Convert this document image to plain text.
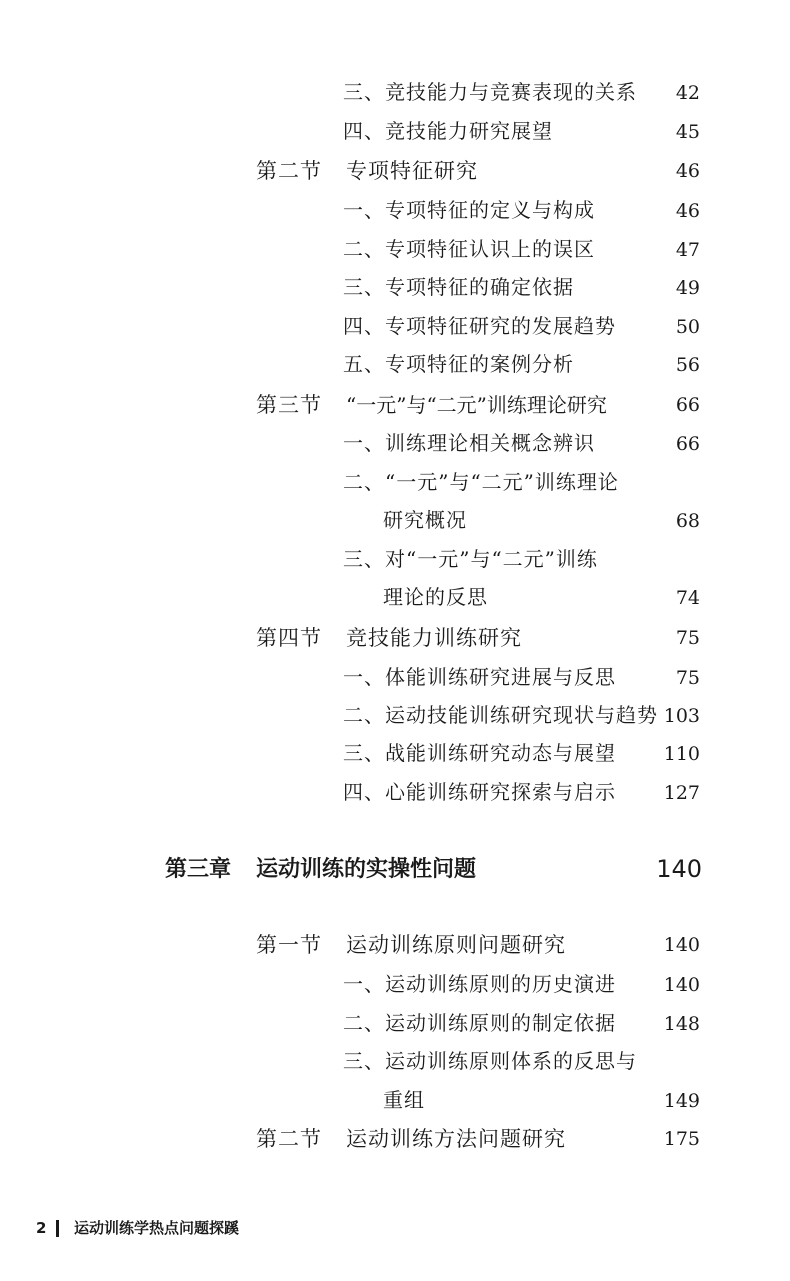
三、竞技能力与竞赛表现的关系	42
四、竞技能力研究展望	45
第二节 专项特征研究	46
一、专项特征的定义与构成	46
二、专项特征认识上的误区	47
三、专项特征的确定依据	49
四、专项特征研究的发展趋势	50
五、专项特征的案例分析	56
第三节 “一元”与“二元”训练理论研究	66
一、训练理论相关概念辨识	66
二、“一元”与“二元”训练理论
研究概况	68
三、对“一元”与“二元”训练
理论的反思	74
第四节 竞技能力训练研究	75
一、体能训练研究进展与反思	75
二、运动技能训练研究现状与趋势 103
三、战能训练研究动态与展望	110
四、心能训练研究探索与启示	127
第三章 运动训练的实操性问题	140
第一节 运动训练原则问题研究	140
一、运动训练原则的历史演进	140
二、运动训练原则的制定依据	148
三、运动训练原则体系的反思与
重组	149
第二节 运动训练方法问题研究	175
2 运动训练学热点问题探蹊
